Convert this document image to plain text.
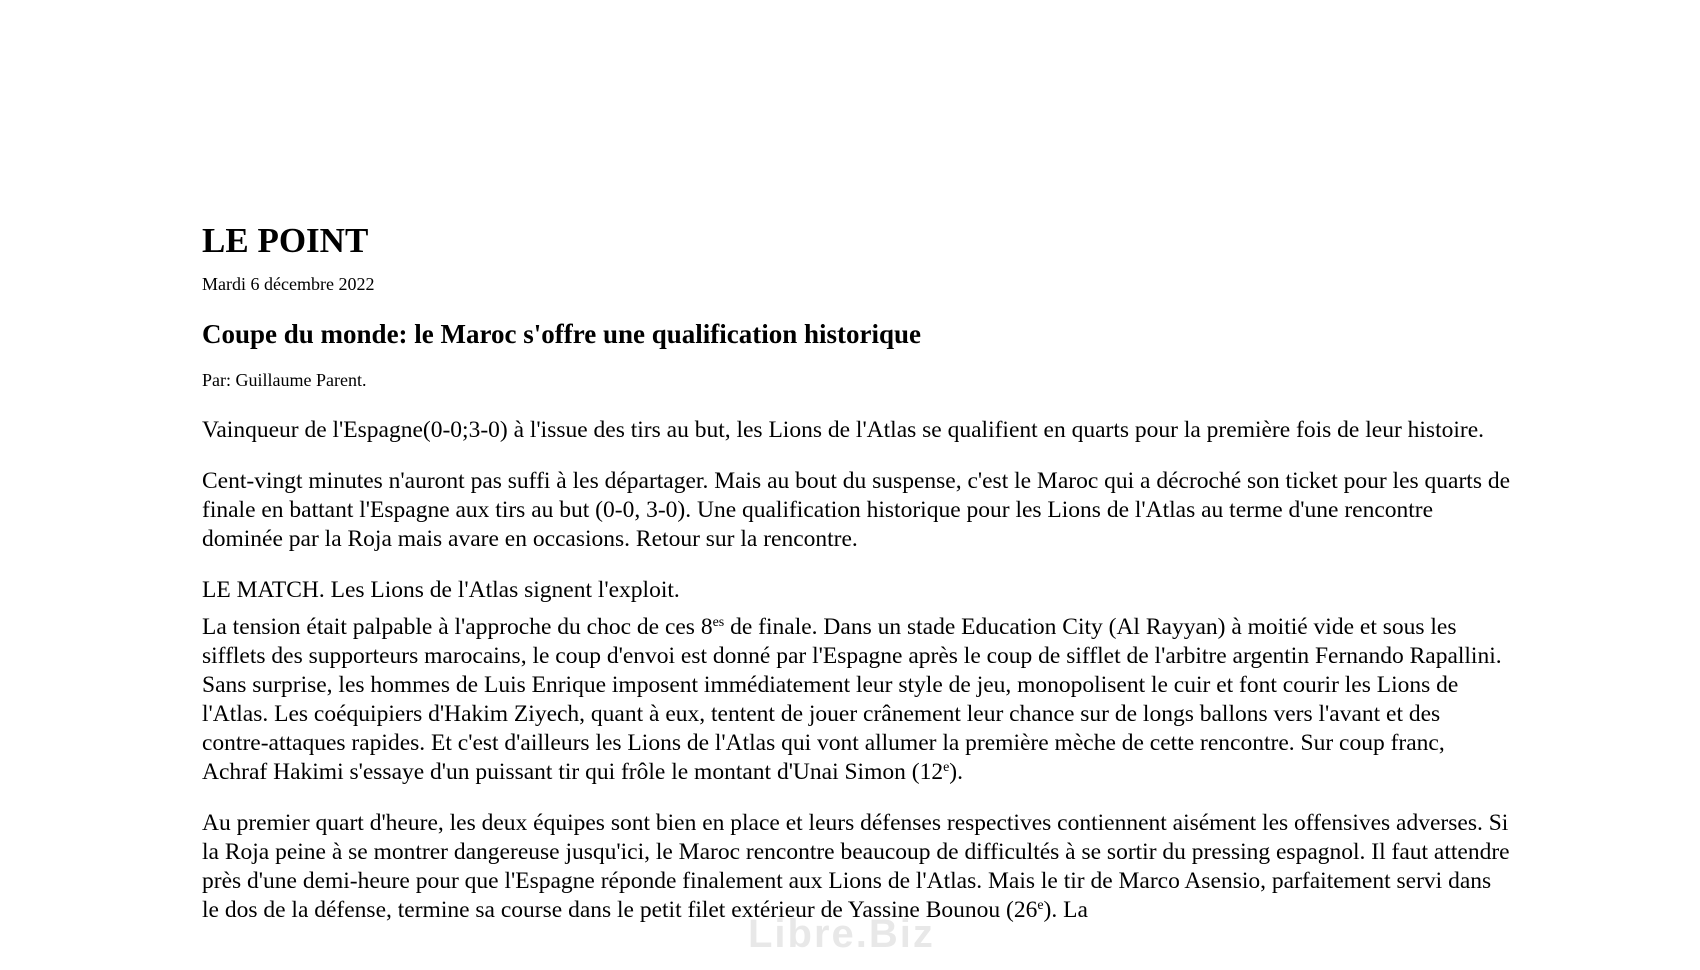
LE POINT
Mardi 6 décembre 2022
Coupe du monde: le Maroc s'offre une qualification historique
Par: Guillaume Parent.
Vainqueur de l'Espagne(0-0;3-0) à l'issue des tirs au but, les Lions de l'Atlas se qualifient en quarts pour la première fois de leur histoire.
Cent-vingt minutes n'auront pas suffi à les départager. Mais au bout du suspense, c'est le Maroc qui a décroché son ticket pour les quarts de finale en battant l'Espagne aux tirs au but (0-0, 3-0). Une qualification historique pour les Lions de l'Atlas au terme d'une rencontre dominée par la Roja mais avare en occasions. Retour sur la rencontre.
LE MATCH. Les Lions de l'Atlas signent l'exploit.
La tension était palpable à l'approche du choc de ces $8^{es}$ de finale. Dans un stade Education City (Al Rayyan) à moitié vide et sous les sifflets des supporteurs marocains, le coup d'envoi est donné par l'Espagne après le coup de sifflet de l'arbitre argentin Fernando Rapallini. Sans surprise, les hommes de Luis Enrique imposent immédiatement leur style de jeu, monopolisent le cuir et font courir les Lions de l'Atlas. Les coéquipiers d'Hakim Ziyech, quant à eux, tentent de jouer crânement leur chance sur de longs ballons vers l'avant et des contre-attaques rapides. Et c'est d'ailleurs les Lions de l'Atlas qui vont allumer la première mèche de cette rencontre. Sur coup franc, Achraf Hakimi s'essaye d'un puissant tir qui frôle le montant d'Unai Simon (12e).
Au premier quart d'heure, les deux équipes sont bien en place et leurs défenses respectives contiennent aisément les offensives adverses. Si la Roja peine à se montrer dangereuse jusqu'ici, le Maroc rencontre beaucoup de difficultés à se sortir du pressing espagnol. Il faut attendre près d'une demi-heure pour que l'Espagne réponde finalement aux Lions de l'Atlas. Mais le tir de Marco Asensio, parfaitement servi dans le dos de la défense, termine sa course dans le petit filet extérieur de Yassine Bounou (26e). La
Libre.Biz
